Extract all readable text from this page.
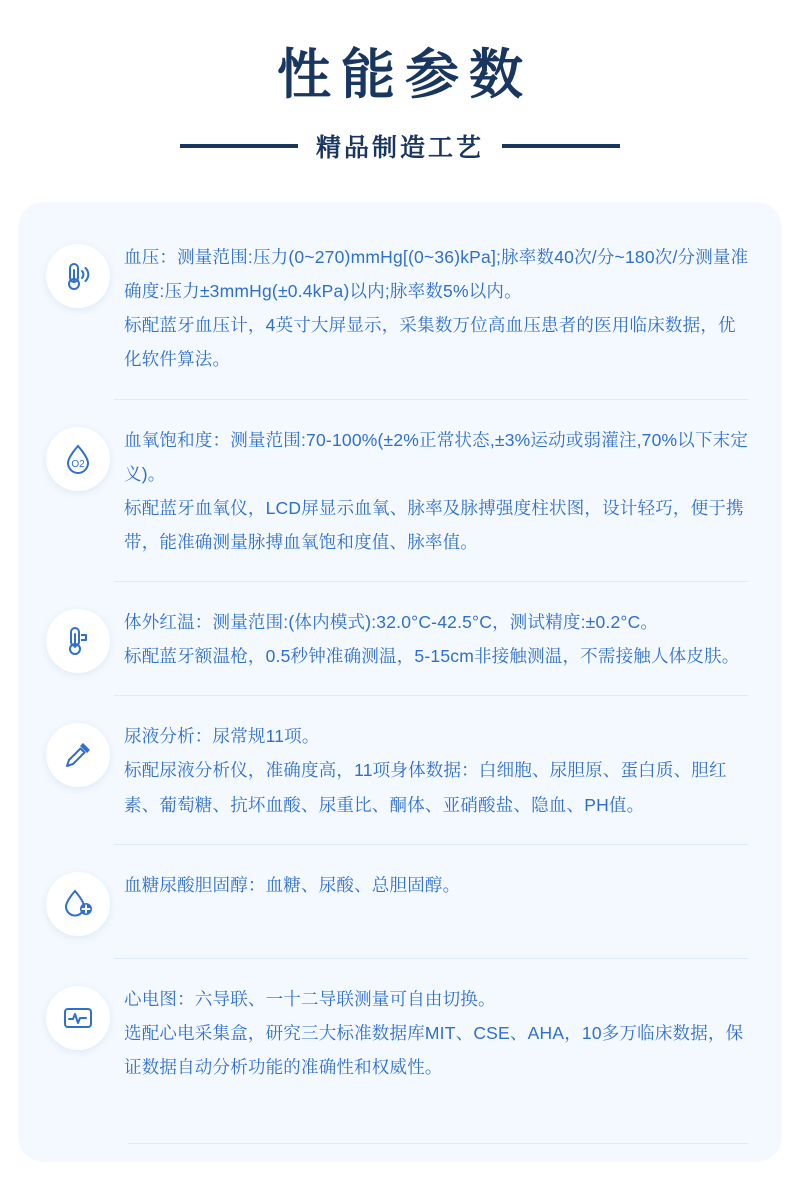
性能参数
精品制造工艺
血压：测量范围:压力(0~270)mmHg[(0~36)kPa];脉率数40次/分~180次/分测量准确度:压力±3mmHg(±0.4kPa)以内;脉率数5%以内。
标配蓝牙血压计，4英寸大屏显示，采集数万位高血压患者的医用临床数据，优化软件算法。
O2
血氧饱和度：测量范围:70-100%(±2%正常状态,±3%运动或弱灌注,70%以下末定义)。
标配蓝牙血氧仪，LCD屏显示血氧、脉率及脉搏强度柱状图，设计轻巧，便于携带，能准确测量脉搏血氧饱和度值、脉率值。
体外红温：测量范围:(体内模式):32.0°C-42.5°C，测试精度:±0.2°C。
标配蓝牙额温枪，0.5秒钟准确测温，5-15cm非接触测温，不需接触人体皮肤。
尿液分析：尿常规11项。
标配尿液分析仪，准确度高，11项身体数据：白细胞、尿胆原、蛋白质、胆红素、葡萄糖、抗坏血酸、尿重比、酮体、亚硝酸盐、隐血、PH值。
血糖尿酸胆固醇：血糖、尿酸、总胆固醇。
心电图：六导联、一十二导联测量可自由切换。
选配心电采集盒，研究三大标准数据库MIT、CSE、AHA，10多万临床数据，保证数据自动分析功能的准确性和权威性。
